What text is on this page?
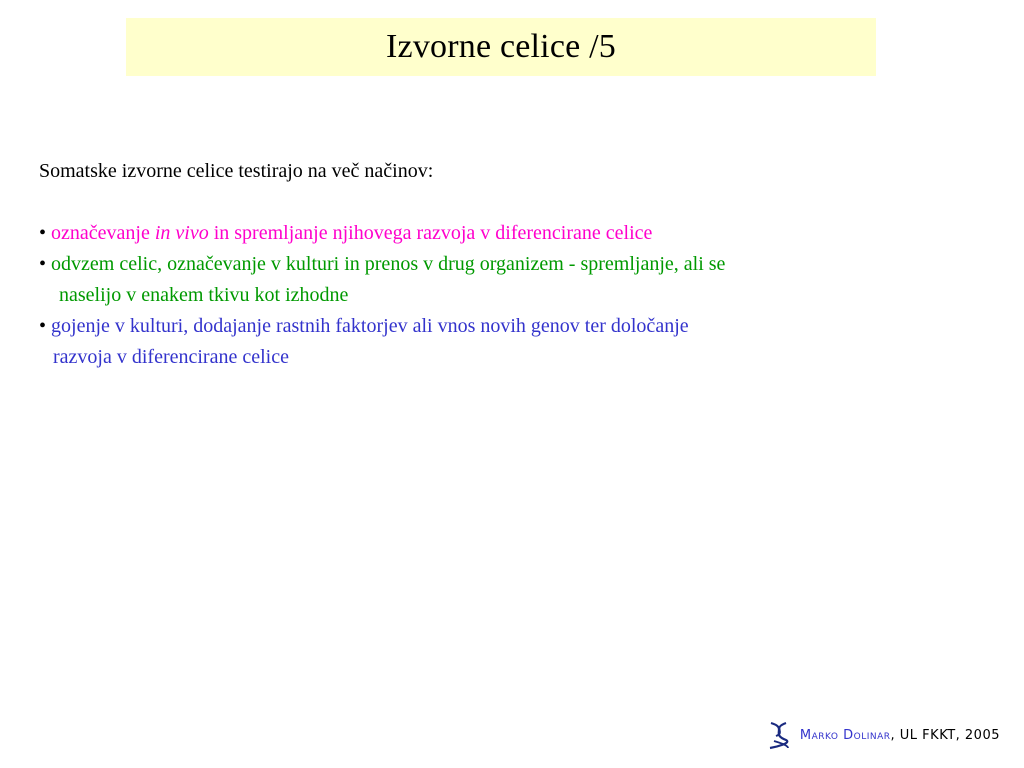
Izvorne celice /5

Somatske izvorne celice testirajo na več načinov:

• označevanje in vivo in spremljanje njihovega razvoja v diferencirane celice

• odvzem celic, označevanje v kulturi in prenos v drug organizem - spremljanje, ali se

naselijo v enakem tkivu kot izhodne

• gojenje v kulturi, dodajanje rastnih faktorjev ali vnos novih genov ter določanje

razvoja v diferencirane celice

Marko Dolinar , UL FKKT, 2005
